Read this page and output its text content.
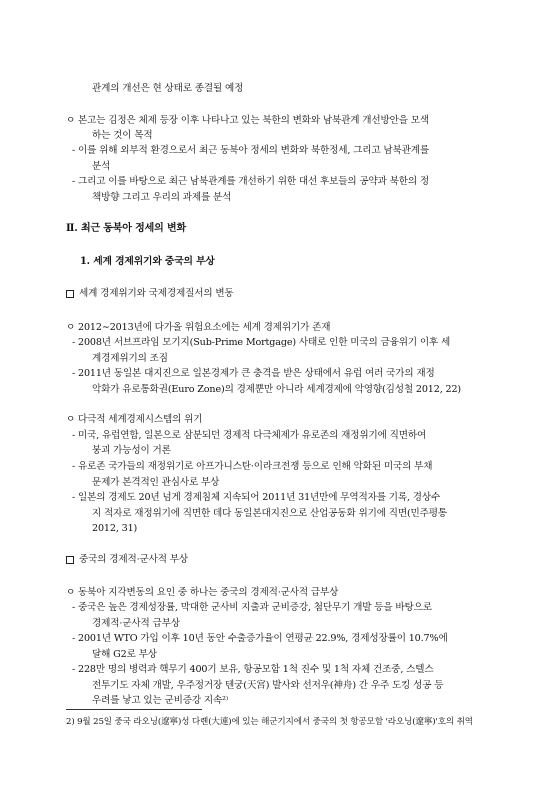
관계의 개선은 현 상태로 종결될 예정
ㅇ 본고는 김정은 체제 등장 이후 나타나고 있는 북한의 변화와 남북관계 개선방안을 모색
하는 것이 목적
- 이를 위해 외부적 환경으로서 최근 동북아 정세의 변화와 북한정세, 그리고 남북관계를
분석
- 그리고 이를 바탕으로 최근 남북관계를 개선하기 위한 대선 후보들의 공약과 북한의 정
책방향 그리고 우리의 과제를 분석
Ⅱ. 최근 동북아 정세의 변화
1. 세계 경제위기와 중국의 부상
세계 경제위기와 국제경제질서의 변동
ㅇ 2012∼2013년에 다가올 위험요소에는 세계 경제위기가 존재
- 2008년 서브프라임 모기지(Sub-Prime Mortgage) 사태로 인한 미국의 금융위기 이후 세
계경제위기의 조짐
- 2011년 동일본 대지진으로 일본경제가 큰 충격을 받은 상태에서 유럽 여러 국가의 재정
악화가 유로통화권(Euro Zone)의 경제뿐만 아니라 세계경제에 악영향(김성철 2012, 22)
ㅇ 다극적 세계경제시스템의 위기
- 미국, 유럽연합, 일본으로 삼분되던 경제적 다극체제가 유로존의 재정위기에 직면하여
붕괴 가능성이 거론
- 유로존 국가들의 재정위기로 아프가니스탄·이라크전쟁 등으로 인해 악화된 미국의 부채
문제가 본격적인 관심사로 부상
- 일본의 경제도 20년 넘게 경제침체 지속되어 2011년 31년만에 무역적자를 기록, 경상수
지 적자로 재정위기에 직면한 데다 동일본대지진으로 산업공동화 위기에 직면(민주평통
2012, 31)
중국의 경제적·군사적 부상
ㅇ 동북아 지각변동의 요인 중 하나는 중국의 경제적·군사적 급부상
- 중국은 높은 경제성장률, 막대한 군사비 지출과 군비증강, 첨단무기 개발 등을 바탕으로
경제적·군사적 급부상
- 2001년 WTO 가입 이후 10년 동안 수출증가율이 연평균 22.9%, 경제성장률이 10.7%에
달해 G2로 부상
- 228만 명의 병력과 핵무기 400기 보유, 항공모함 1척 진수 및 1척 자체 건조중, 스텔스
전투기도 자체 개발, 우주정거장 텐궁(天宮) 발사와 선저우(神舟) 간 우주 도킹 성공 등
우려를 낳고 있는 군비증강 지속²⁾
2) 9월 25일 중국 라오닝(遼寧)성 다롄(大連)에 있는 해군기지에서 중국의 첫 항공모함 '라오닝(遼寧)'호의 취역
